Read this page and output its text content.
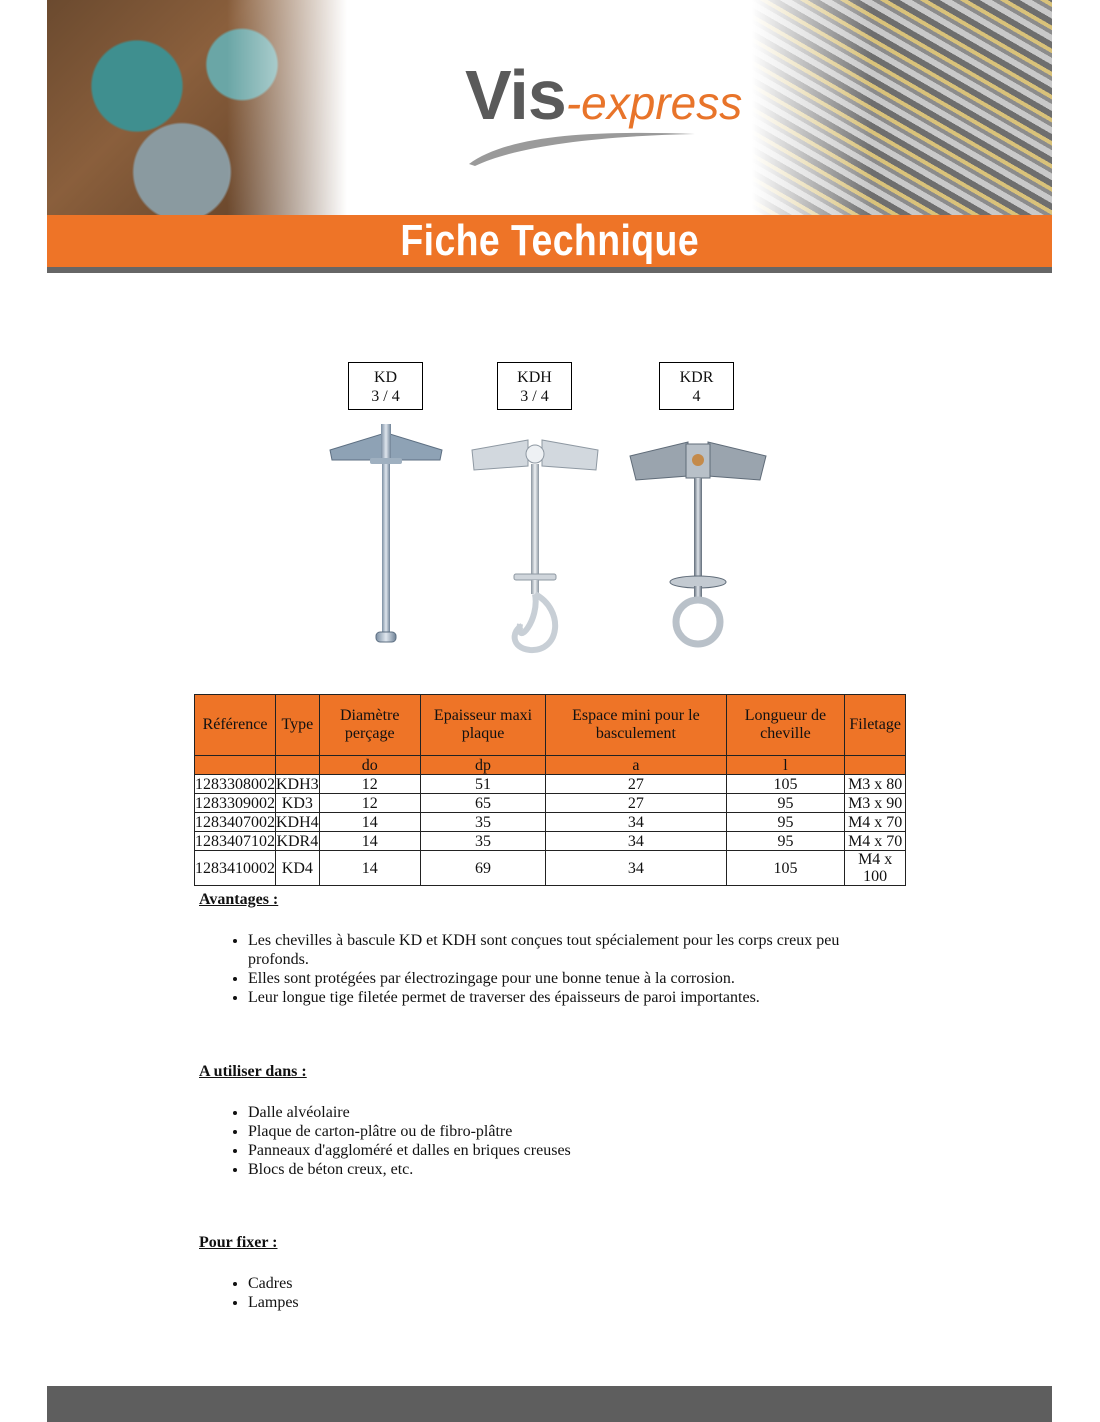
Vis-express
Fiche Technique
KD
3 / 4
KDH
3 / 4
KDR
4
Référence	Type	Diamètre perçage	Epaisseur maxi plaque	Espace mini pour le basculement	Longueur de cheville	Filetage
		do	dp	a	l	
1283308002	KDH3	12	51	27	105	M3 x 80
1283309002	KD3	12	65	27	95	M3 x 90
1283407002	KDH4	14	35	34	95	M4 x 70
1283407102	KDR4	14	35	34	95	M4 x 70
1283410002	KD4	14	69	34	105	M4 x 100
Avantages :
• Les chevilles à bascule KD et KDH sont conçues tout spécialement pour les corps creux peu profonds.
• Elles sont protégées par électrozingage pour une bonne tenue à la corrosion.
• Leur longue tige filetée permet de traverser des épaisseurs de paroi importantes.
A utiliser dans :
• Dalle alvéolaire
• Plaque de carton-plâtre ou de fibro-plâtre
• Panneaux d'aggloméré et dalles en briques creuses
• Blocs de béton creux, etc.
Pour fixer :
• Cadres
• Lampes
